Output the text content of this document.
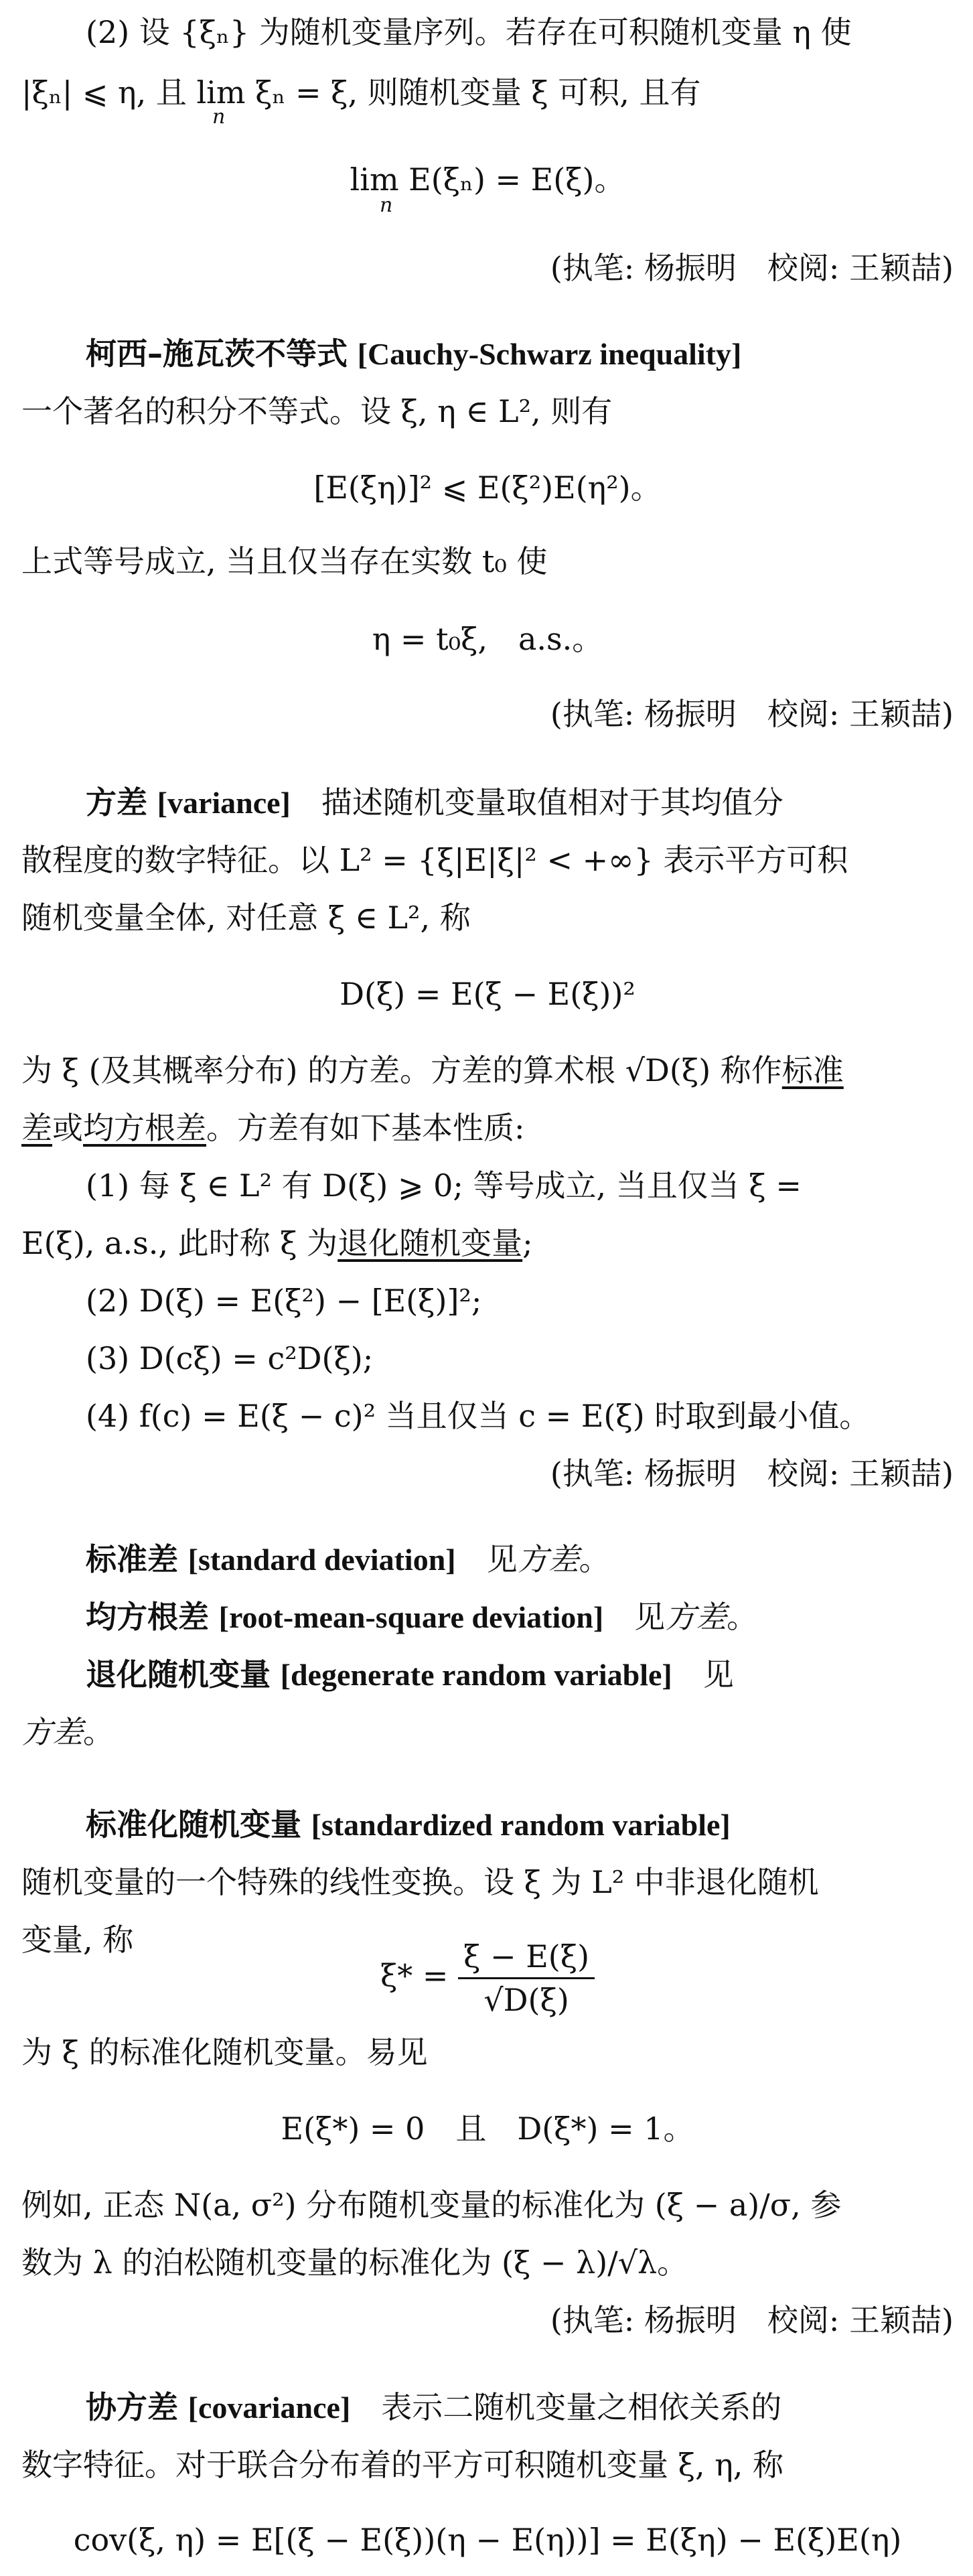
(2) 设 {ξₙ} 为随机变量序列。若存在可积随机变量 η 使
|ξₙ| ⩽ η, 且 lim ξₙ = ξ, 则随机变量 ξ 可积, 且有
n
lim E(ξₙ) = E(ξ)。
n
(执笔: 杨振明　校阅: 王颖喆)
柯西–施瓦茨不等式 [Cauchy-Schwarz inequality]
一个著名的积分不等式。设 ξ, η ∈ L², 则有
[E(ξη)]² ⩽ E(ξ²)E(η²)。
上式等号成立, 当且仅当存在实数 t₀ 使
η = t₀ξ,　a.s.。
(执笔: 杨振明　校阅: 王颖喆)
方差 [variance]　描述随机变量取值相对于其均值分
散程度的数字特征。以 L² = {ξ|E|ξ|² < +∞} 表示平方可积
随机变量全体, 对任意 ξ ∈ L², 称
D(ξ) = E(ξ − E(ξ))²
为 ξ (及其概率分布) 的方差。方差的算术根 √D(ξ) 称作标准
差或均方根差。方差有如下基本性质:
(1) 每 ξ ∈ L² 有 D(ξ) ⩾ 0; 等号成立, 当且仅当 ξ =
E(ξ), a.s., 此时称 ξ 为退化随机变量;
(2) D(ξ) = E(ξ²) − [E(ξ)]²;
(3) D(cξ) = c²D(ξ);
(4) f(c) = E(ξ − c)² 当且仅当 c = E(ξ) 时取到最小值。
(执笔: 杨振明　校阅: 王颖喆)
标准差 [standard deviation]　见方差。
均方根差 [root-mean-square deviation]　见方差。
退化随机变量 [degenerate random variable]　见
方差。
标准化随机变量 [standardized random variable]
随机变量的一个特殊的线性变换。设 ξ 为 L² 中非退化随机
变量, 称
$\xi* = \frac{\xi - E(\xi)}{√D(\xi)}$
为 ξ 的标准化随机变量。易见
E(ξ*) = 0　且　D(ξ*) = 1。
例如, 正态 N(a, σ²) 分布随机变量的标准化为 (ξ − a)/σ, 参
数为 λ 的泊松随机变量的标准化为 (ξ − λ)/√λ。
(执笔: 杨振明　校阅: 王颖喆)
协方差 [covariance]　表示二随机变量之相依关系的
数字特征。对于联合分布着的平方可积随机变量 ξ, η, 称
cov(ξ, η) = E[(ξ − E(ξ))(η − E(η))] = E(ξη) − E(ξ)E(η)
